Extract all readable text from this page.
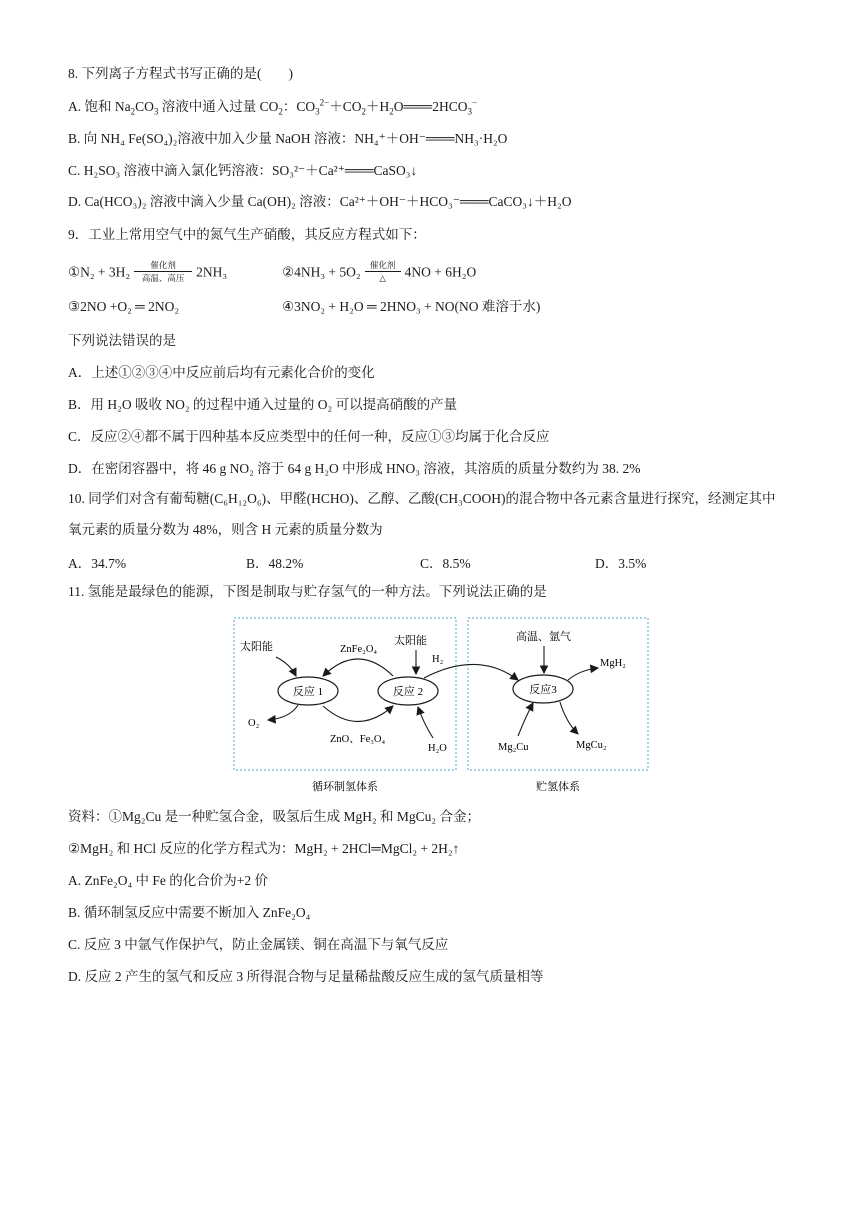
8. 下列离子方程式书写正确的是(　　)
A. 饱和 $Na_2CO_3$ 溶液中通入过量 $CO_2$：$CO_3^{2-}+CO_2+H_2O═══2HCO_3^-$
B. 向 NH₄ Fe(SO₄)₂溶液中加入少量 NaOH 溶液：NH₄⁺＋OH⁻═══NH₃·H₂O
C. H₂SO₃ 溶液中滴入氯化钙溶液：SO₃²⁻＋Ca²⁺═══CaSO₃↓
D. Ca(HCO₃)₂ 溶液中滴入少量 Ca(OH)₂ 溶液：Ca²⁺＋OH⁻＋HCO₃⁻═══CaCO₃↓＋H₂O
9．工业上常用空气中的氮气生产硝酸，其反应方程式如下：
①N₂ + $3H_2 \frac{\text{催化剂}}{\text{高温、高压}} 2NH_3$	②4NH₃ + $5O_2 \frac{\text{催化剂}}{\triangle} 4NO + 6H_2O$
③2NO +O₂ ═ 2NO₂	④3NO₂ + H₂O ═ 2HNO₃ + NO(NO 难溶于水)
下列说法错误的是
A．上述①②③④中反应前后均有元素化合价的变化
B．用 H₂O 吸收 NO₂ 的过程中通入过量的 O₂ 可以提高硝酸的产量
C．反应②④都不属于四种基本反应类型中的任何一种，反应①③均属于化合反应
D．在密闭容器中，将 46 g NO₂ 溶于 64 g H₂O 中形成 HNO₃ 溶液，其溶质的质量分数约为 38. 2%
10. 同学们对含有葡萄糖(C₆H₁₂O₆)、甲醛(HCHO)、乙醇、乙酸(CH₃COOH)的混合物中各元素含量进行探究，经测定其中
氧元素的质量分数为 48%，则含 H 元素的质量分数为
A．34.7%	B．48.2%	C．8.5%	D．3.5%
11. 氢能是最绿色的能源，下图是制取与贮存氢气的一种方法。下列说法正确的是
反应 1	反应 2	反应3
太阳能	ZnFe₂O₄
太阳能
H₂
O₂
ZnO、Fe₃O₄
H₂O
高温、氩气
MgH₂
Mg₂Cu	MgCu₂
循环制氢体系	贮氢体系
资料：①Mg₂Cu 是一种贮氢合金，吸氢后生成 MgH₂ 和 MgCu₂ 合金；
②MgH₂ 和 HCl 反应的化学方程式为：MgH₂ + 2HCl═MgCl₂ + 2H₂↑
A. ZnFe₂O₄ 中 Fe 的化合价为+2 价
B. 循环制氢反应中需要不断加入 ZnFe₂O₄
C. 反应 3 中氩气作保护气，防止金属镁、铜在高温下与氧气反应
D. 反应 2 产生的氢气和反应 3 所得混合物与足量稀盐酸反应生成的氢气质量相等
